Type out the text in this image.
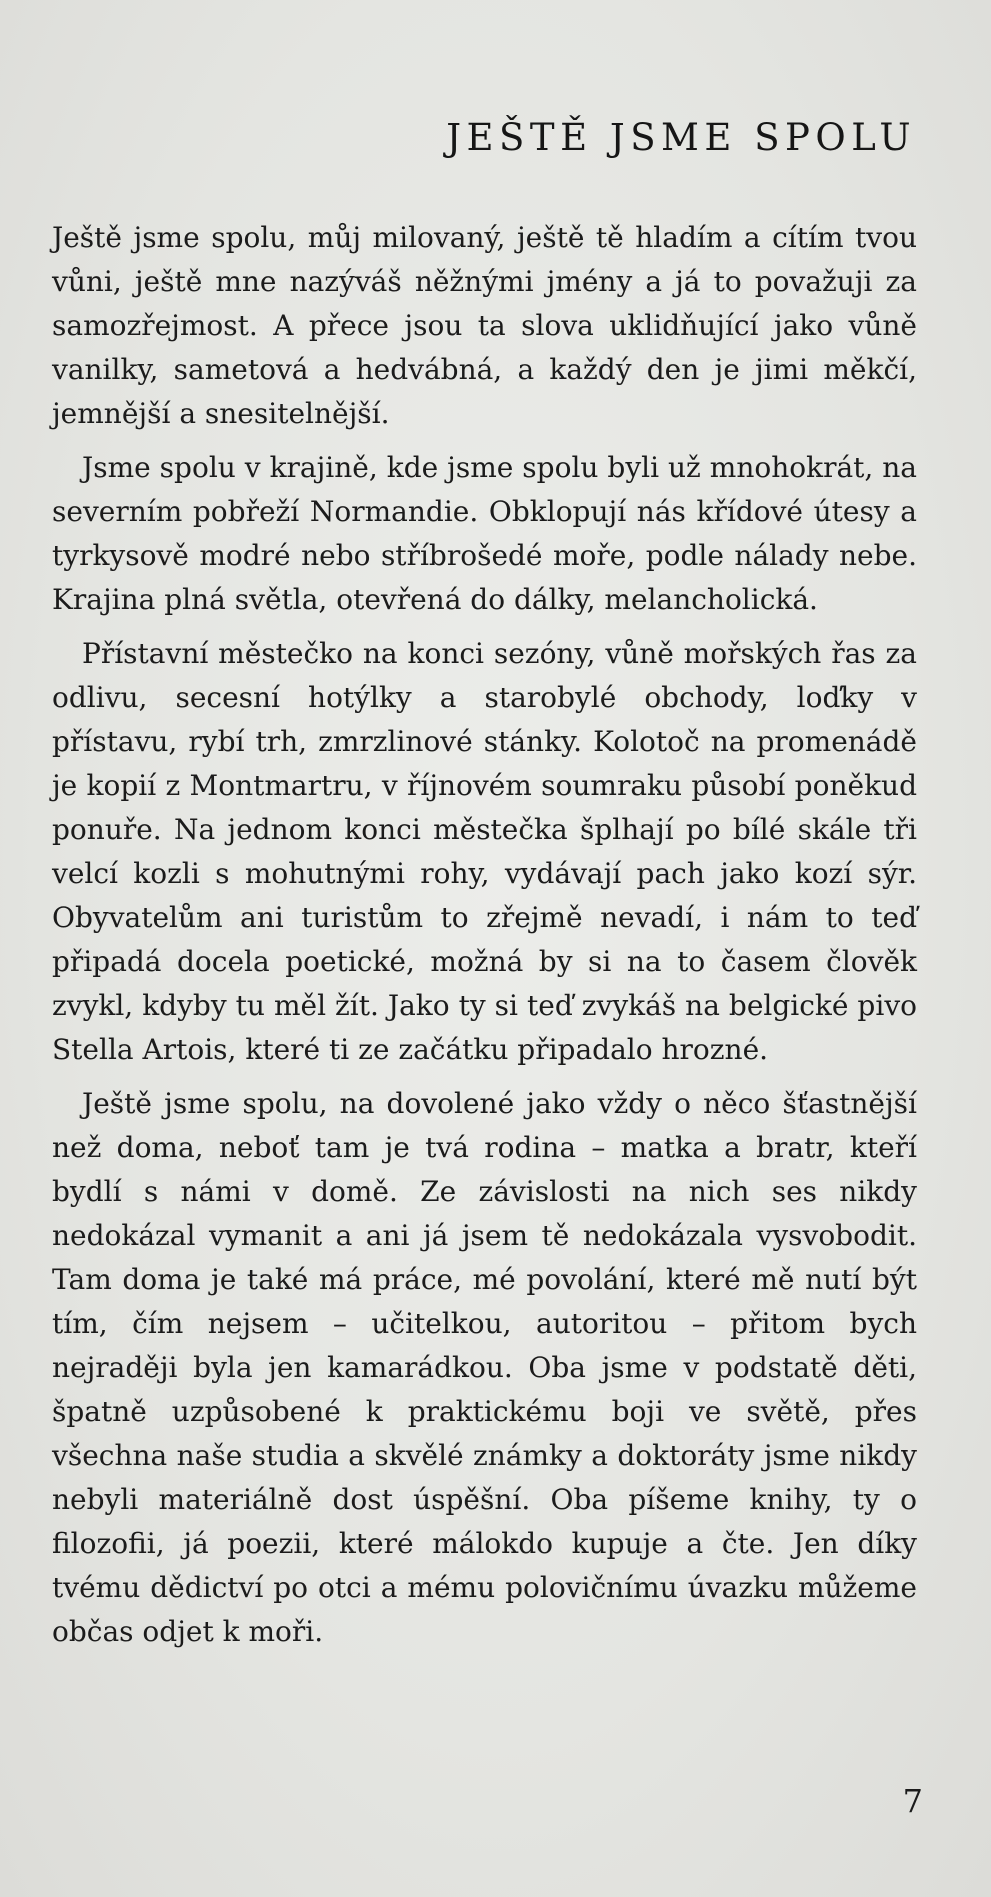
JEŠTĚ JSME SPOLU

Ještě jsme spolu, můj milovaný, ještě tě hladím a cítím tvou vůni, ještě mne nazýváš něžnými jmény a já to považuji za samozřejmost. A přece jsou ta slova uklidňující jako vůně vanilky, sametová a hedvábná, a každý den je jimi měkčí, jemnější a snesitelnější.

Jsme spolu v krajině, kde jsme spolu byli už mnohokrát, na severním pobřeží Normandie. Obklopují nás křídové útesy a tyrkysově modré nebo stříbrošedé moře, podle nálady nebe. Krajina plná světla, otevřená do dálky, melancholická.

Přístavní městečko na konci sezóny, vůně mořských řas za odlivu, secesní hotýlky a starobylé obchody, loďky v přístavu, rybí trh, zmrzlinové stánky. Kolotoč na promenádě je kopií z Montmartru, v říjnovém soumraku působí poněkud ponuře. Na jednom konci městečka šplhají po bílé skále tři velcí kozli s mohutnými rohy, vydávají pach jako kozí sýr. Obyvatelům ani turistům to zřejmě nevadí, i nám to teď připadá docela poetické, možná by si na to časem člověk zvykl, kdyby tu měl žít. Jako ty si teď zvykáš na belgické pivo Stella Artois, které ti ze začátku připadalo hrozné.

Ještě jsme spolu, na dovolené jako vždy o něco šťastnější než doma, neboť tam je tvá rodina – matka a bratr, kteří bydlí s námi v domě. Ze závislosti na nich ses nikdy nedokázal vymanit a ani já jsem tě nedokázala vysvobodit. Tam doma je také má práce, mé povolání, které mě nutí být tím, čím nejsem – učitelkou, autoritou – přitom bych nejraději byla jen kamarádkou. Oba jsme v podstatě děti, špatně uzpůsobené k praktickému boji ve světě, přes všechna naše studia a skvělé známky a doktoráty jsme nikdy nebyli materiálně dost úspěšní. Oba píšeme knihy, ty o filozofii, já poezii, které málokdo kupuje a čte. Jen díky tvému dědictví po otci a mému polovičnímu úvazku můžeme občas odjet k moři.

7
